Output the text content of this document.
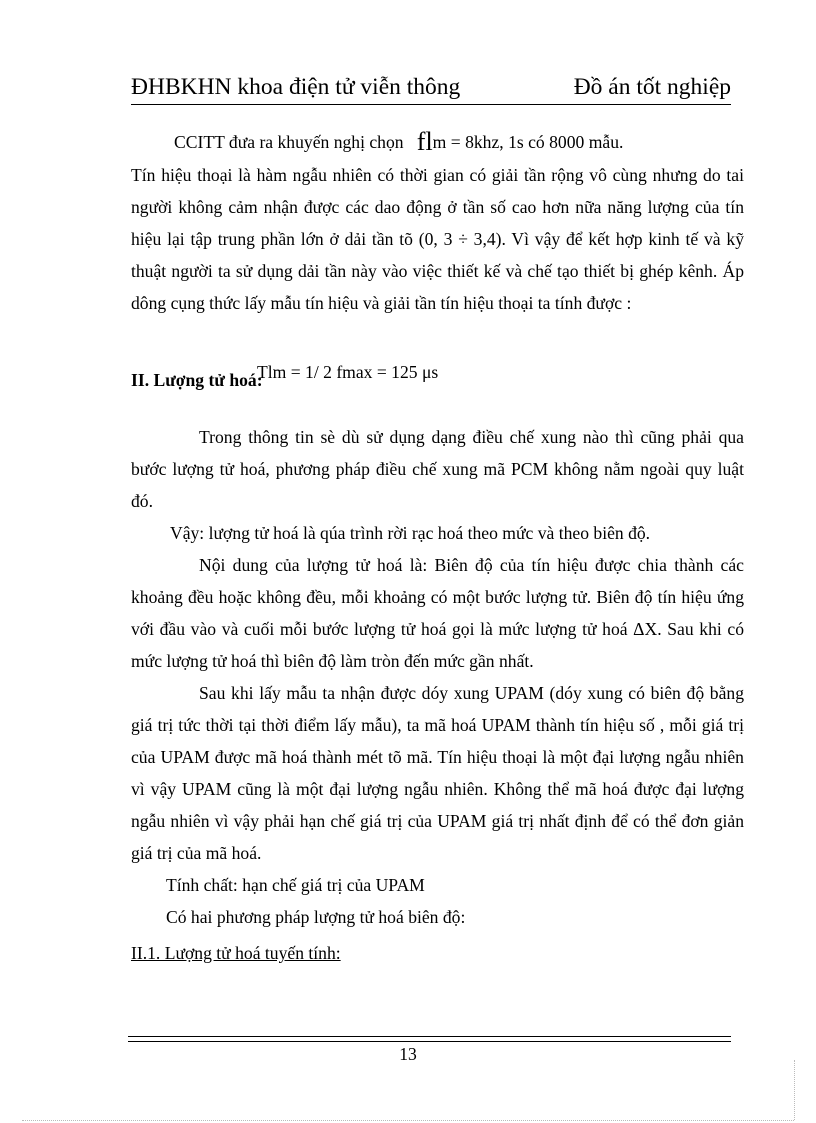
ĐHBKHN khoa điện tử viễn thông	Đồ án tốt nghiệp
CCITT đưa ra khuyến nghị chọn flm = 8khz, 1s có 8000 mẫu.

Tín hiệu thoại là hàm ngẫu nhiên có thời gian có giải tần rộng vô cùng nhưng do tai người không cảm nhận được các dao động ở tần số cao hơn nữa năng lượng của tín hiệu lại tập trung phần lớn ở dải tần tõ (0, 3 ÷ 3,4). Vì vậy để kết hợp kinh tế và kỹ thuật người ta sử dụng dải tần này vào việc thiết kế và chế tạo thiết bị ghép kênh. Áp dông cụng thức lấy mẫu tín hiệu và giải tần tín hiệu thoại ta tính được :

Tlm = 1/ 2 fmax = 125 μs
II. Lượng tử hoá:

Trong thông tin sè dù sử dụng dạng điều chế xung nào thì cũng phải qua bước lượng tử hoá, phương pháp điều chế xung mã PCM không nằm ngoài quy luật đó.

Vậy: lượng tử hoá là qúa trình rời rạc hoá theo mức và theo biên độ.

Nội dung của lượng tử hoá là: Biên độ của tín hiệu được chia thành các khoảng đều hoặc không đều, mỗi khoảng có một bước lượng tử. Biên độ tín hiệu ứng với đầu vào và cuối mỗi bước lượng tử hoá gọi là mức lượng tử hoá ΔX. Sau khi có mức lượng tử hoá thì biên độ làm tròn đến mức gần nhất.

Sau khi lấy mẫu ta nhận được dóy xung UPAM (dóy xung có biên độ bằng giá trị tức thời tại thời điểm lấy mẫu), ta mã hoá UPAM thành tín hiệu số , mỗi giá trị của UPAM được mã hoá thành mét tõ mã. Tín hiệu thoại là một đại lượng ngẫu nhiên vì vậy UPAM cũng là một đại lượng ngẫu nhiên. Không thể mã hoá được đại lượng ngẫu nhiên vì vậy phải hạn chế giá trị của UPAM giá trị nhất định để có thể đơn giản giá trị của mã hoá.

Tính chất: hạn chế giá trị của UPAM
Có hai phương pháp lượng tử hoá biên độ:
II.1. Lượng tử hoá tuyến tính:
13
